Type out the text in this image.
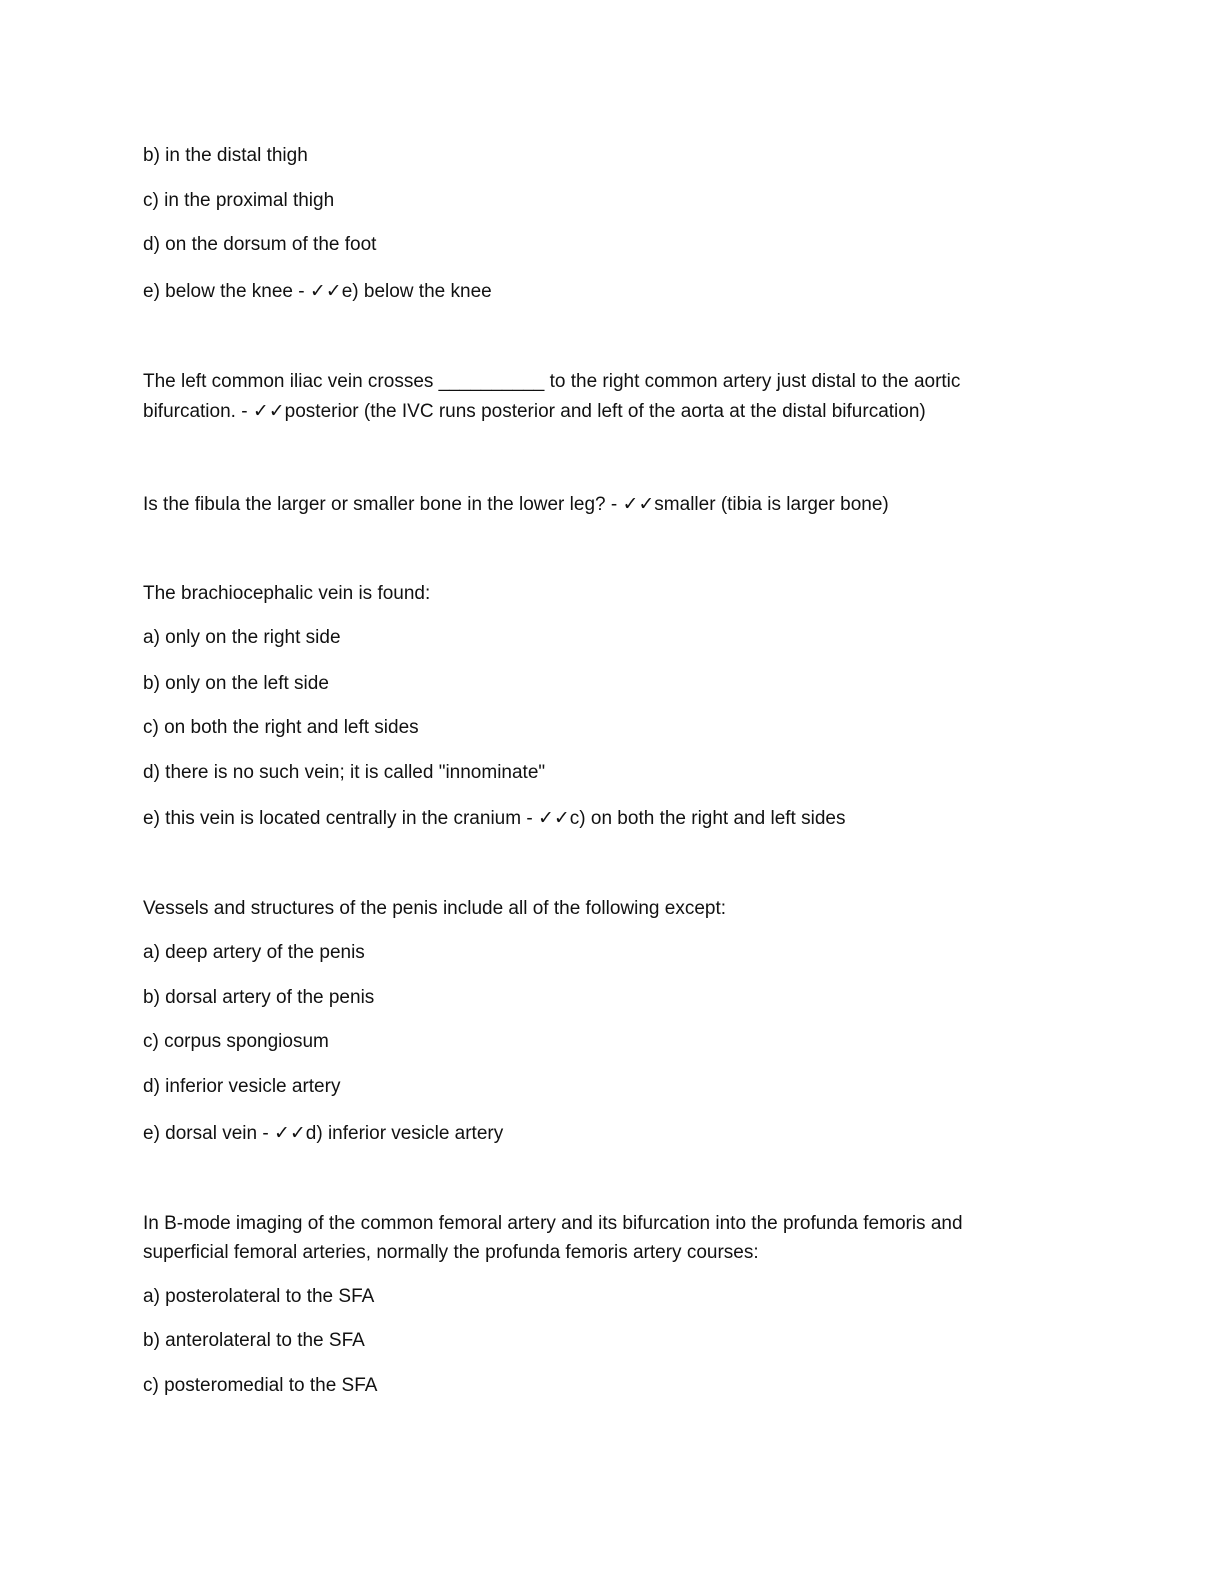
b) in the distal thigh
c) in the proximal thigh
d) on the dorsum of the foot
e) below the knee - ✓✓e) below the knee
The left common iliac vein crosses __________ to the right common artery just distal to the aortic
bifurcation. - ✓✓posterior (the IVC runs posterior and left of the aorta at the distal bifurcation)
Is the fibula the larger or smaller bone in the lower leg? - ✓✓smaller (tibia is larger bone)
The brachiocephalic vein is found:
a) only on the right side
b) only on the left side
c) on both the right and left sides
d) there is no such vein; it is called "innominate"
e) this vein is located centrally in the cranium - ✓✓c) on both the right and left sides
Vessels and structures of the penis include all of the following except:
a) deep artery of the penis
b) dorsal artery of the penis
c) corpus spongiosum
d) inferior vesicle artery
e) dorsal vein - ✓✓d) inferior vesicle artery
In B-mode imaging of the common femoral artery and its bifurcation into the profunda femoris and
superficial femoral arteries, normally the profunda femoris artery courses:
a) posterolateral to the SFA
b) anterolateral to the SFA
c) posteromedial to the SFA
